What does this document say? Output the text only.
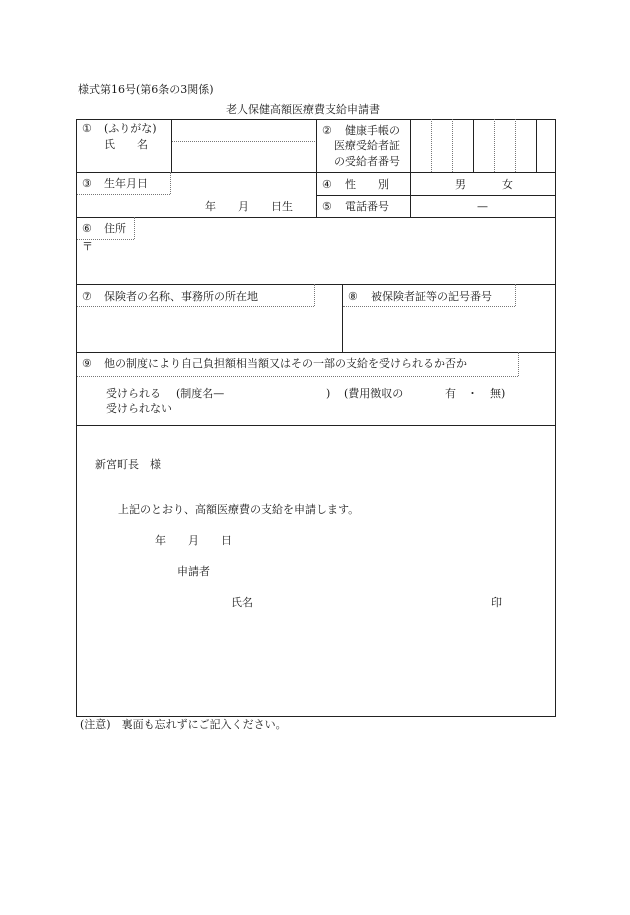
様式第16号(第6条の3関係)
老人保健高額医療費支給申請書
① (ふりがな)
氏　　名
② 健康手帳の
医療受給者証
の受給者番号
③ 生年月日
年　　月　　日生
④ 性　　別	男	女
⑤ 電話番号	—
⑥ 住所
〒
⑦ 保険者の名称、事務所の所在地	⑧ 被保険者証等の記号番号
⑨ 他の制度により自己負担額相当額又はその一部の支給を受けられるか否か
受けられる (制度名—	) (費用徴収の	有 ・ 無)
受けられない
新宮町長　様
上記のとおり、高額医療費の支給を申請します。
年　　月　　日
申請者
氏名	印
(注意)　裏面も忘れずにご記入ください。
